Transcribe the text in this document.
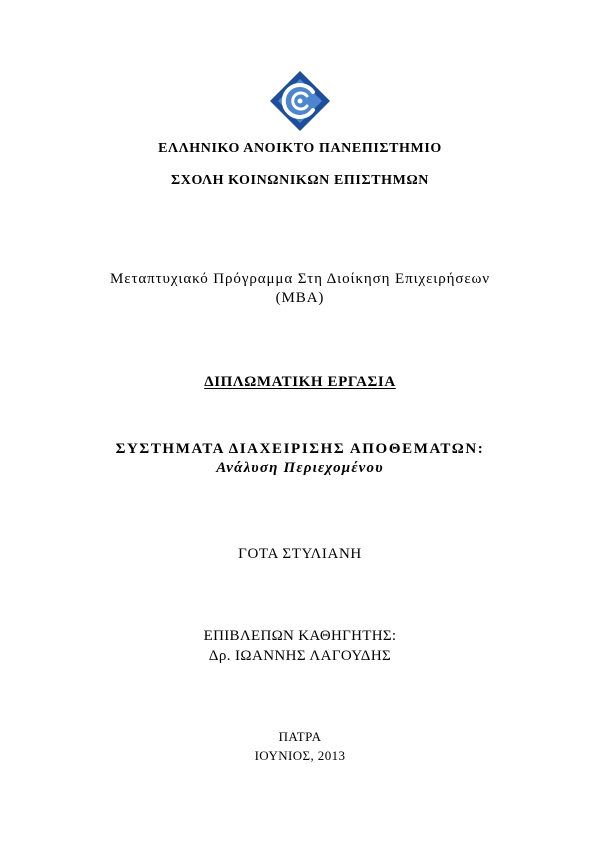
ΕΛΛΗΝΙΚΟ ΑΝΟΙΚΤΟ ΠΑΝΕΠΙΣΤΗΜΙΟ
ΣΧΟΛΗ ΚΟΙΝΩΝΙΚΩΝ ΕΠΙΣΤΗΜΩΝ
Μεταπτυχιακό Πρόγραμμα Στη Διοίκηση Επιχειρήσεων
(MBA)
ΔΙΠΛΩΜΑΤΙΚΗ ΕΡΓΑΣΙΑ
ΣΥΣΤΗΜΑΤΑ ΔΙΑΧΕΙΡΙΣΗΣ ΑΠΟΘΕΜΑΤΩΝ:
Ανάλυση Περιεχομένου
ΓΟΤΑ ΣΤΥΛΙΑΝΗ
ΕΠΙΒΛΕΠΩΝ ΚΑΘΗΓΗΤΗΣ:
Δρ. ΙΩΑΝΝΗΣ ΛΑΓΟΥΔΗΣ
ΠΑΤΡΑ
ΙΟΥΝΙΟΣ, 2013
